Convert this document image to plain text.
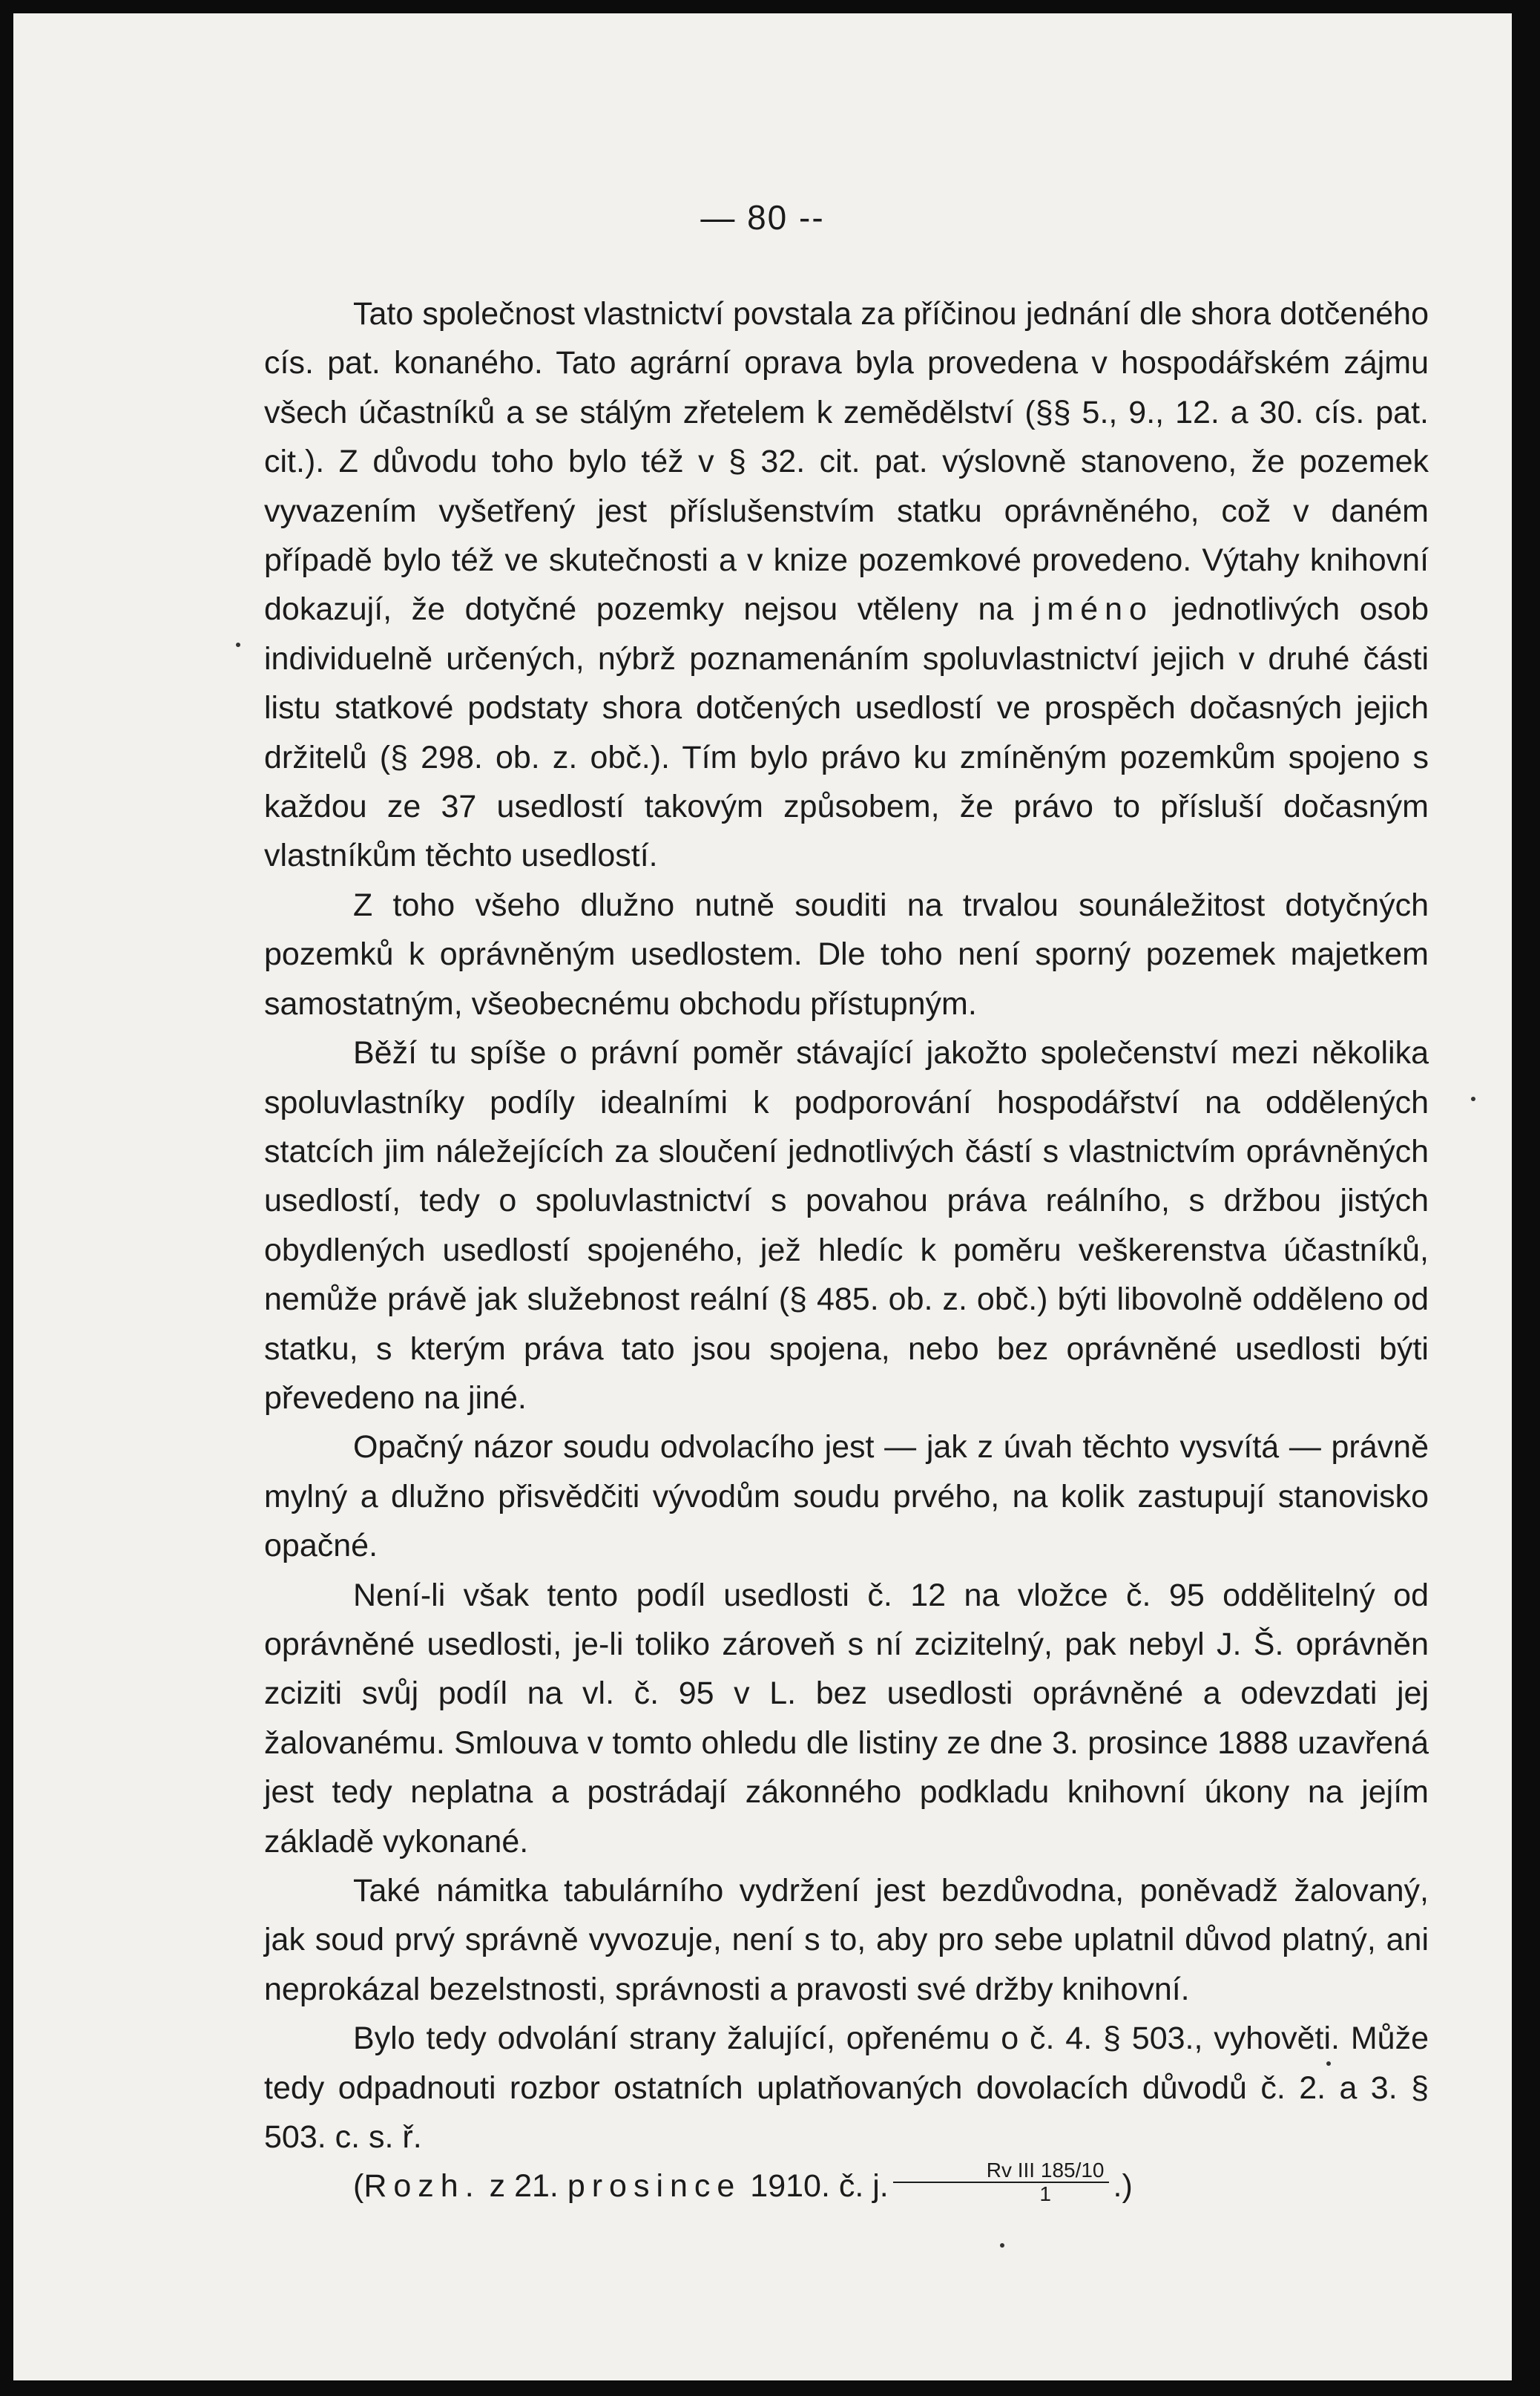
— 80 --

Tato společnost vlastnictví povstala za příčinou jednání dle shora dotčeného cís. pat. konaného. Tato agrární oprava byla provedena v hospodářském zájmu všech účastníků a se stálým zřetelem k zemědělství (§§ 5., 9., 12. a 30. cís. pat. cit.). Z důvodu toho bylo též v § 32. cit. pat. výslovně stanoveno, že pozemek vyvazením vyšetřený jest příslušenstvím statku oprávněného, což v daném případě bylo též ve skutečnosti a v knize pozemkové provedeno. Výtahy knihovní dokazují, že dotyčné pozemky nejsou vtěleny na jméno jednotlivých osob individuelně určených, nýbrž poznamenáním spoluvlastnictví jejich v druhé části listu statkové podstaty shora dotčených usedlostí ve prospěch dočasných jejich držitelů (§ 298. ob. z. obč.). Tím bylo právo ku zmíněným pozemkům spojeno s každou ze 37 usedlostí takovým způsobem, že právo to přísluší dočasným vlastníkům těchto usedlostí.

Z toho všeho dlužno nutně souditi na trvalou sounáležitost dotyčných pozemků k oprávněným usedlostem. Dle toho není sporný pozemek majetkem samostatným, všeobecnému obchodu přístupným.

Běží tu spíše o právní poměr stávající jakožto společenství mezi několika spoluvlastníky podíly idealními k podporování hospodářství na oddělených statcích jim náležejících za sloučení jednotlivých částí s vlastnictvím oprávněných usedlostí, tedy o spoluvlastnictví s povahou práva reálního, s držbou jistých obydlených usedlostí spojeného, jež hledíc k poměru veškerenstva účastníků, nemůže právě jak služebnost reální (§ 485. ob. z. obč.) býti libovolně odděleno od statku, s kterým práva tato jsou spojena, nebo bez oprávněné usedlosti býti převedeno na jiné.

Opačný názor soudu odvolacího jest — jak z úvah těchto vysvítá — právně mylný a dlužno přisvědčiti vývodům soudu prvého, na kolik zastupují stanovisko opačné.

Není-li však tento podíl usedlosti č. 12 na vložce č. 95 oddělitelný od oprávněné usedlosti, je-li toliko zároveň s ní zcizitelný, pak nebyl J. Š. oprávněn zciziti svůj podíl na vl. č. 95 v L. bez usedlosti oprávněné a odevzdati jej žalovanému. Smlouva v tomto ohledu dle listiny ze dne 3. prosince 1888 uzavřená jest tedy neplatna a postrádají zákonného podkladu knihovní úkony na jejím základě vykonané.

Také námitka tabulárního vydržení jest bezdůvodna, poněvadž žalovaný, jak soud prvý správně vyvozuje, není s to, aby pro sebe uplatnil důvod platný, ani neprokázal bezelstnosti, správnosti a pravosti své držby knihovní.

Bylo tedy odvolání strany žalující, opřenému o č. 4. § 503., vyhověti. Může tedy odpadnouti rozbor ostatních uplatňovaných dovolacích důvodů č. 2. a 3. § 503. c. s. ř.

(Rozh. z 21. prosince 1910. č. j. $\frac{\text{Rv III 185/10}}{1}$ .)
